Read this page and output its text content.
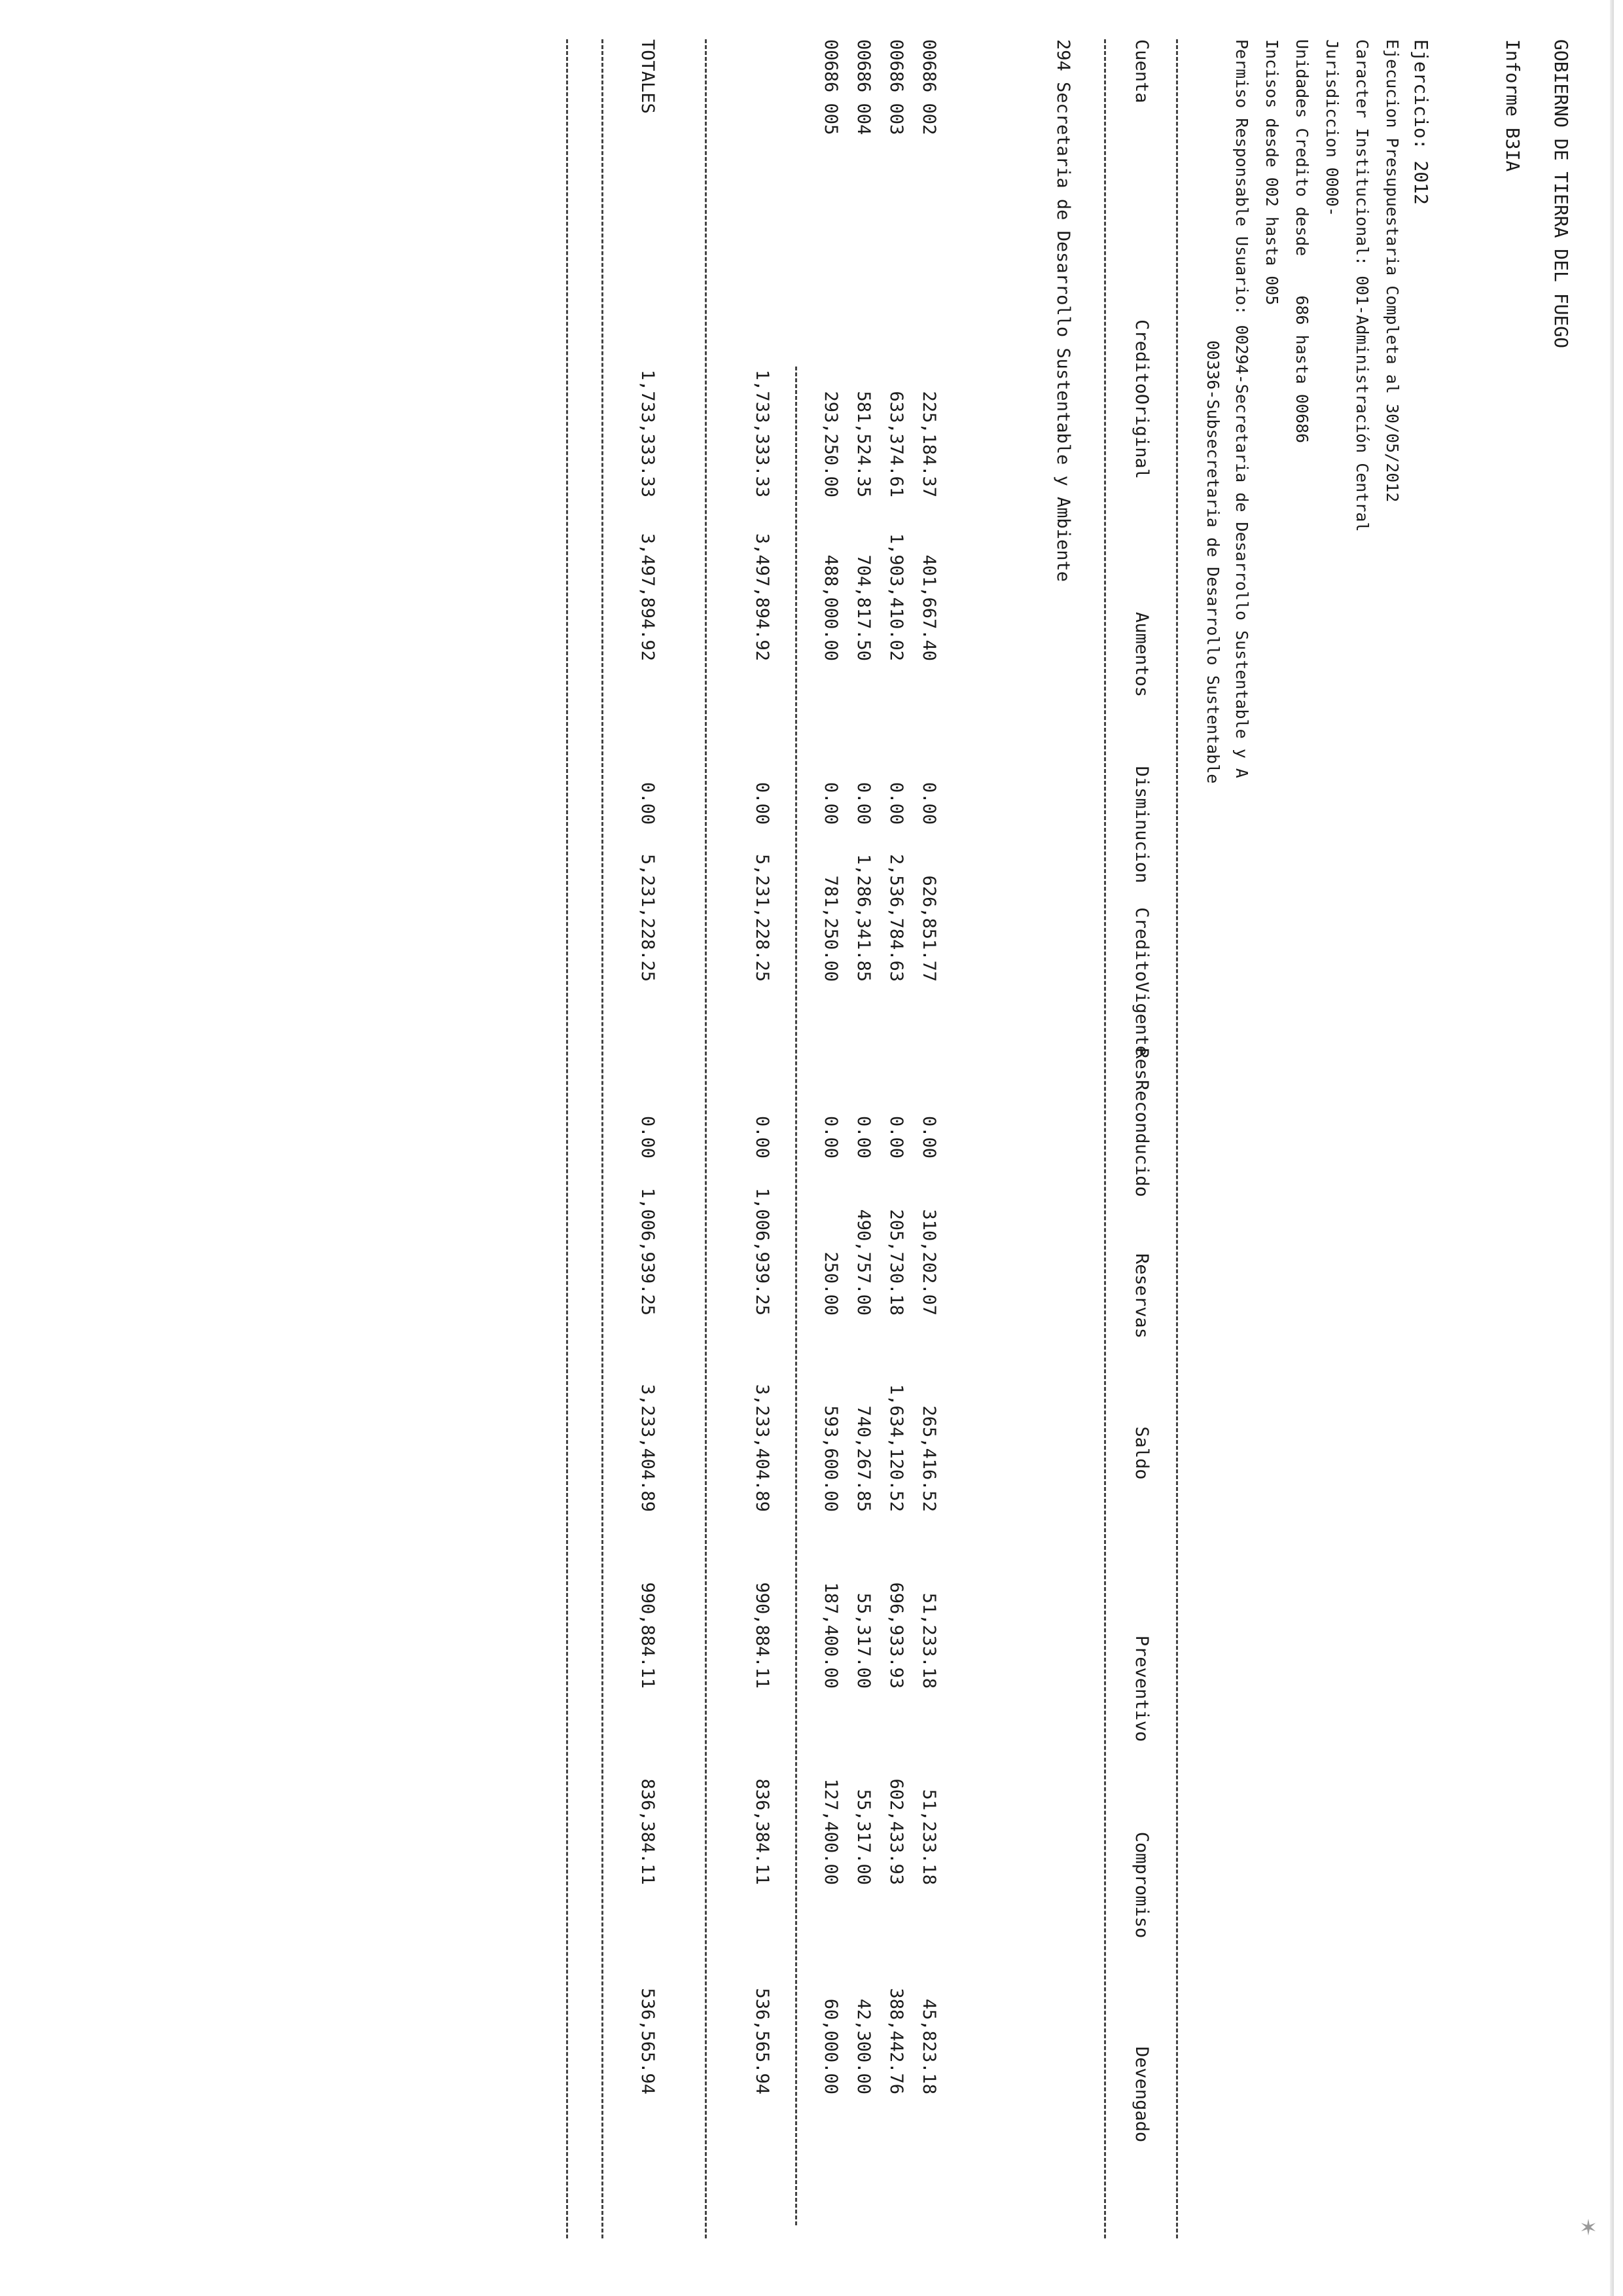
✶
GOBIERNO DE TIERRA DEL FUEGO
Informe B3IA
Ejercicio: 2012
Ejecucion Presupuestaria Completa al 30/05/2012
Caracter Institucional: 001-Administración Central
Jurisdiccion 0000-
Unidades Credito desde    686 hasta 00686
Incisos desde 002 hasta 005
Permiso Responsable Usuario: 00294-Secretaria de Desarrollo Sustentable y A
00336-Subsecretaria de Desarrollo Sustentable
Cuenta
CreditoOriginal
Aumentos
Disminucion
CreditoVigente
ResReconducido
Reservas
Saldo
Preventivo
Compromiso
Devengado
294 Secretaria de Desarrollo Sustentable y Ambiente
00686 002
225,184.37
401,667.40
0.00
626,851.77
0.00
310,202.07
265,416.52
51,233.18
51,233.18
45,823.18
00686 003
633,374.61
1,903,410.02
0.00
2,536,784.63
0.00
205,730.18
1,634,120.52
696,933.93
602,433.93
388,442.76
00686 004
581,524.35
704,817.50
0.00
1,286,341.85
0.00
490,757.00
740,267.85
55,317.00
55,317.00
42,300.00
00686 005
293,250.00
488,000.00
0.00
781,250.00
0.00
250.00
593,600.00
187,400.00
127,400.00
60,000.00
1,733,333.33
3,497,894.92
0.00
5,231,228.25
0.00
1,006,939.25
3,233,404.89
990,884.11
836,384.11
536,565.94
TOTALES
1,733,333.33
3,497,894.92
0.00
5,231,228.25
0.00
1,006,939.25
3,233,404.89
990,884.11
836,384.11
536,565.94
